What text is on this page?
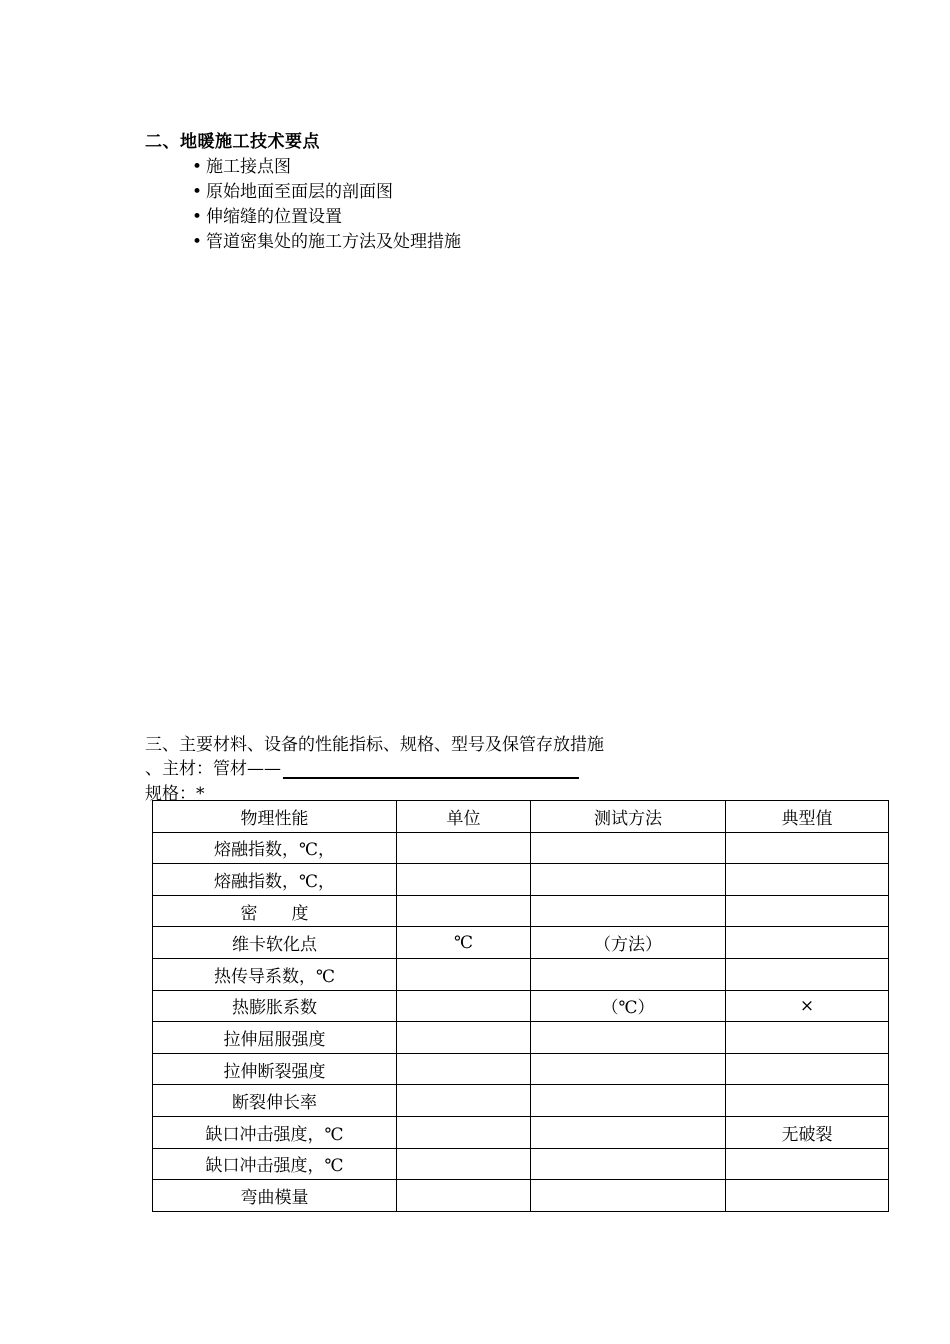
二、地暖施工技术要点
• 施工接点图
• 原始地面至面层的剖面图
• 伸缩缝的位置设置
• 管道密集处的施工方法及处理措施
三、主要材料、设备的性能指标、规格、型号及保管存放措施
、主材：管材——
规格：*
物理性能	单位	测试方法	典型值
熔融指数，℃，			
熔融指数，℃，			
密　　度			
维卡软化点	℃	（方法）	
热传导系数，℃			
热膨胀系数		（℃）	×
拉伸屈服强度			
拉伸断裂强度			
断裂伸长率			
缺口冲击强度，℃			无破裂
缺口冲击强度，℃			
弯曲模量			
